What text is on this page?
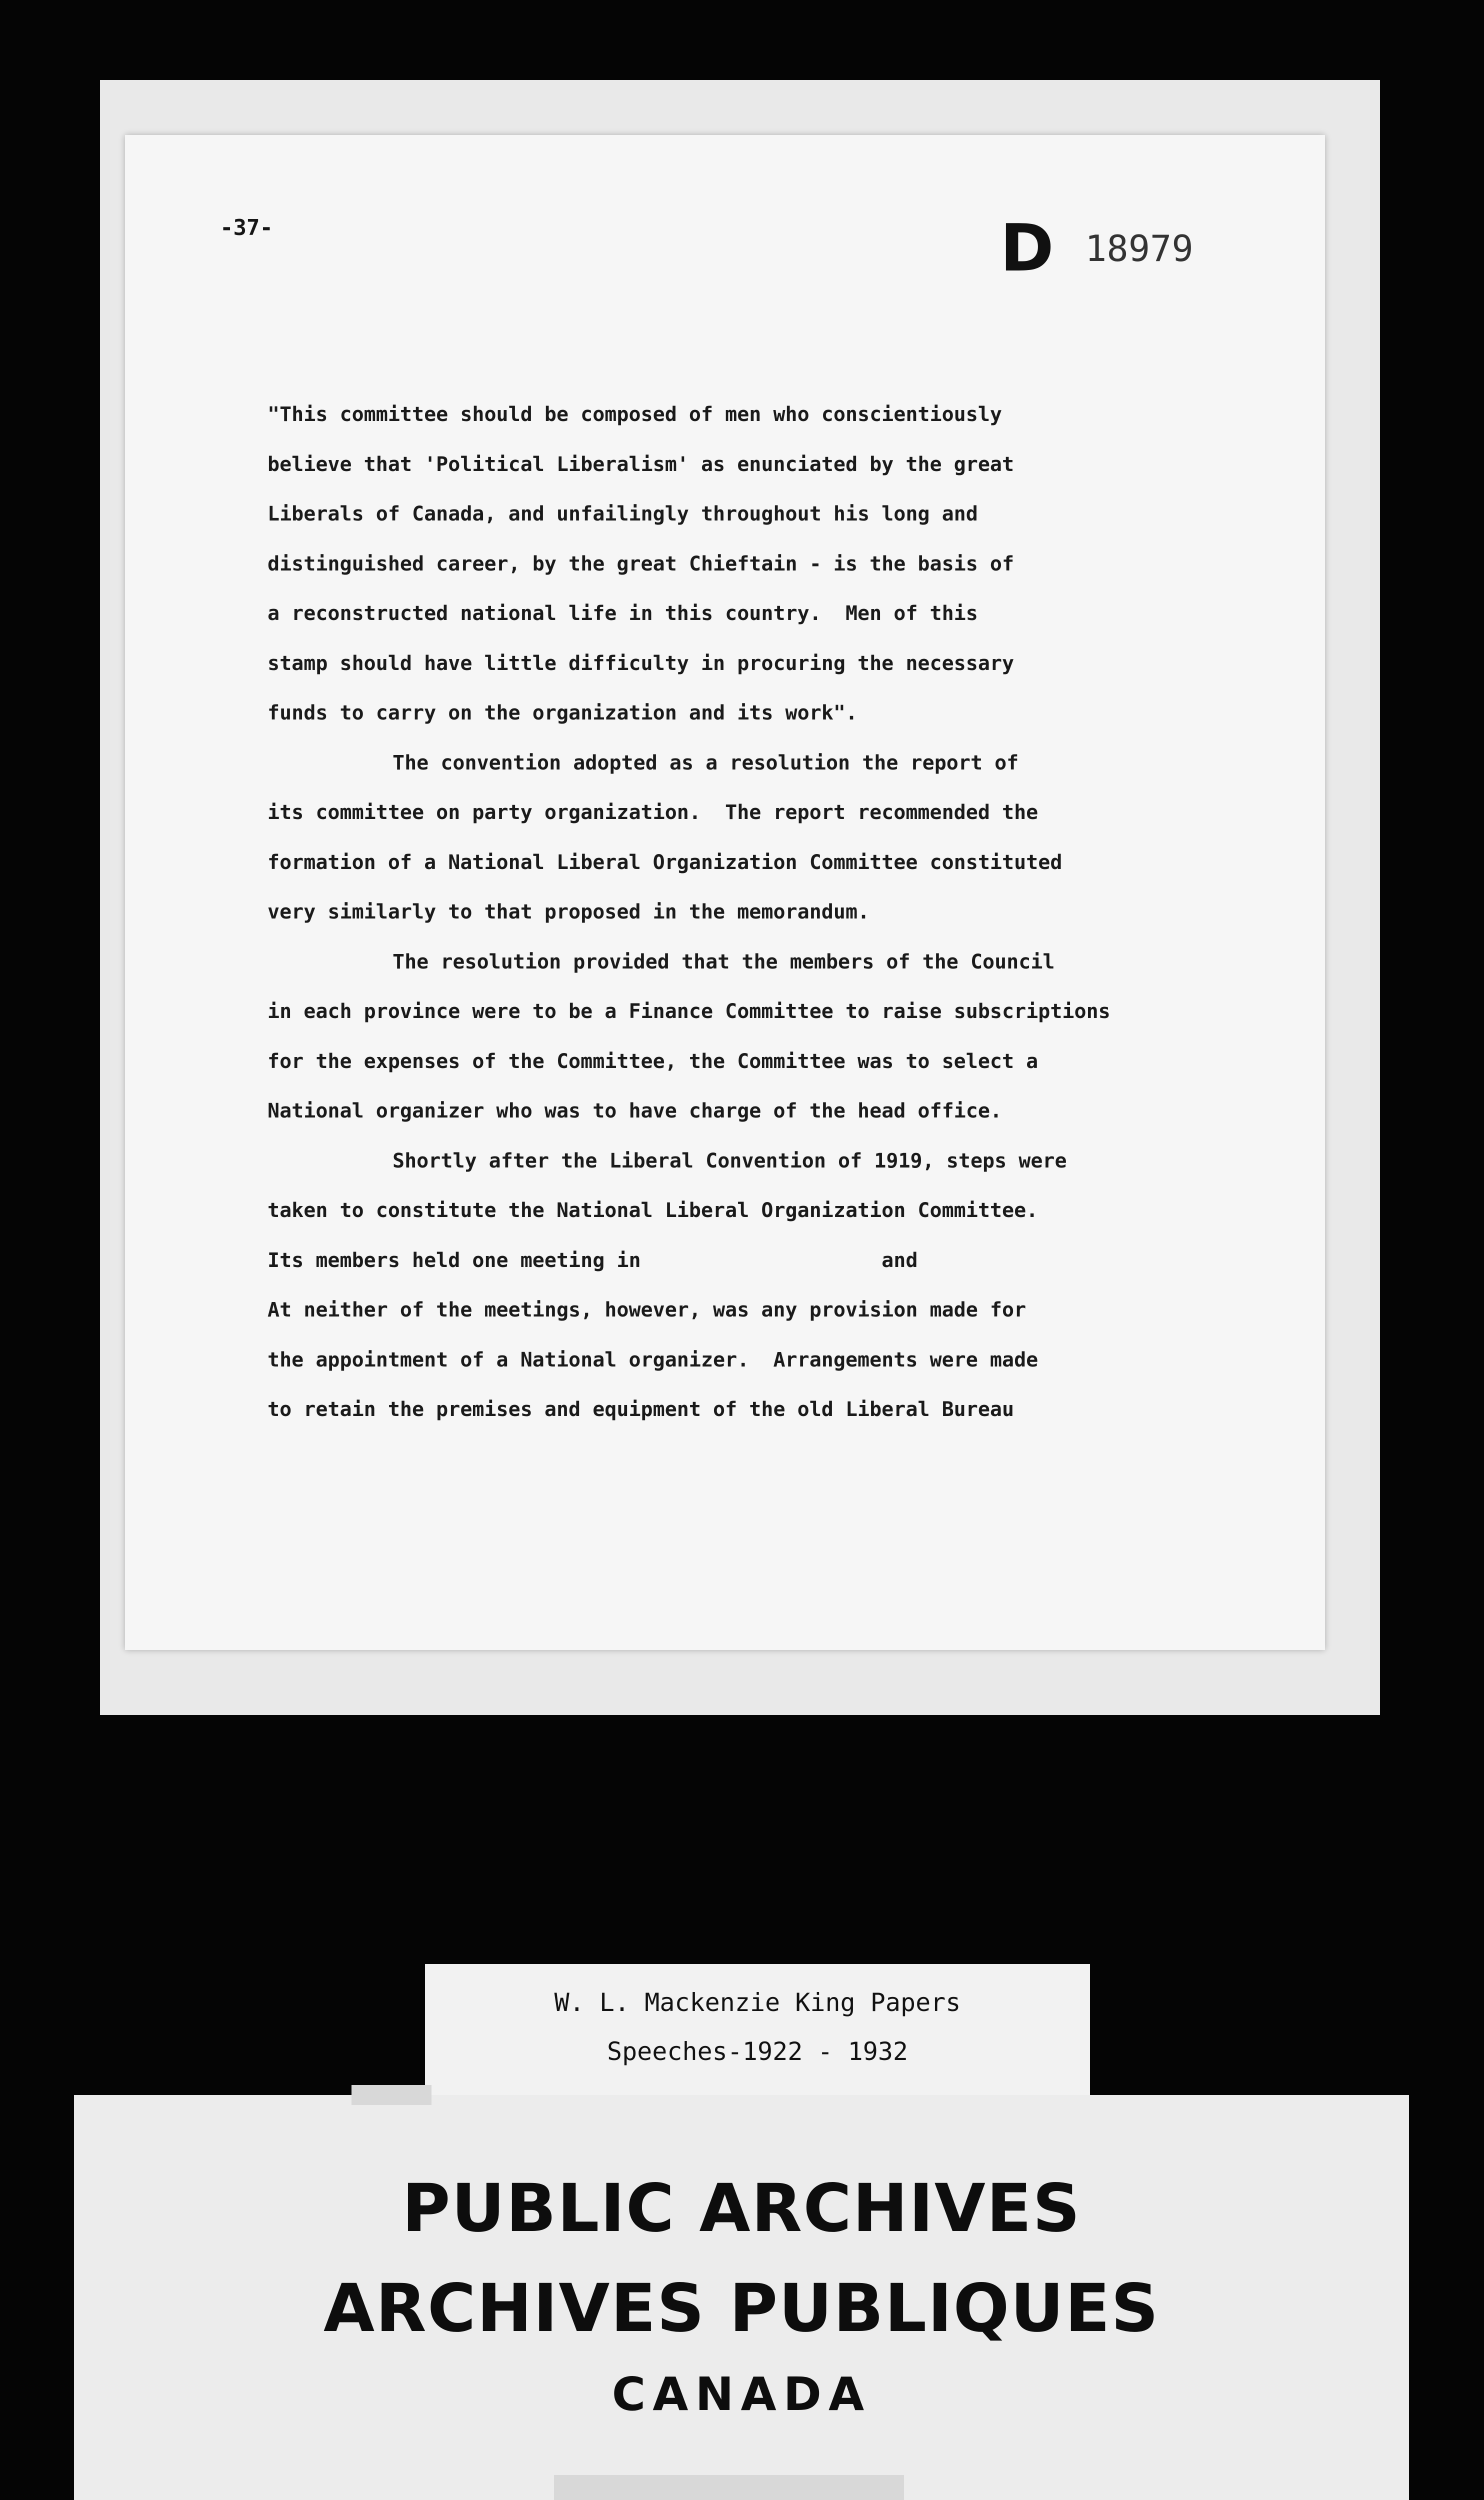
-37-	D 18979
"This committee should be composed of men who conscientiously
believe that 'Political Liberalism' as enunciated by the great
Liberals of Canada, and unfailingly throughout his long and
distinguished career, by the great Chieftain - is the basis of
a reconstructed national life in this country.  Men of this
stamp should have little difficulty in procuring the necessary
funds to carry on the organization and its work".
The convention adopted as a resolution the report of
its committee on party organization.  The report recommended the
formation of a National Liberal Organization Committee constituted
very similarly to that proposed in the memorandum.
The resolution provided that the members of the Council
in each province were to be a Finance Committee to raise subscriptions
for the expenses of the Committee, the Committee was to select a
National organizer who was to have charge of the head office.
Shortly after the Liberal Convention of 1919, steps were
taken to constitute the National Liberal Organization Committee.
Its members held one meeting in                    and
At neither of the meetings, however, was any provision made for
the appointment of a National organizer.  Arrangements were made
to retain the premises and equipment of the old Liberal Bureau
W. L. Mackenzie King Papers
Speeches-1922 - 1932
PUBLIC ARCHIVES
ARCHIVES PUBLIQUES
CANADA
